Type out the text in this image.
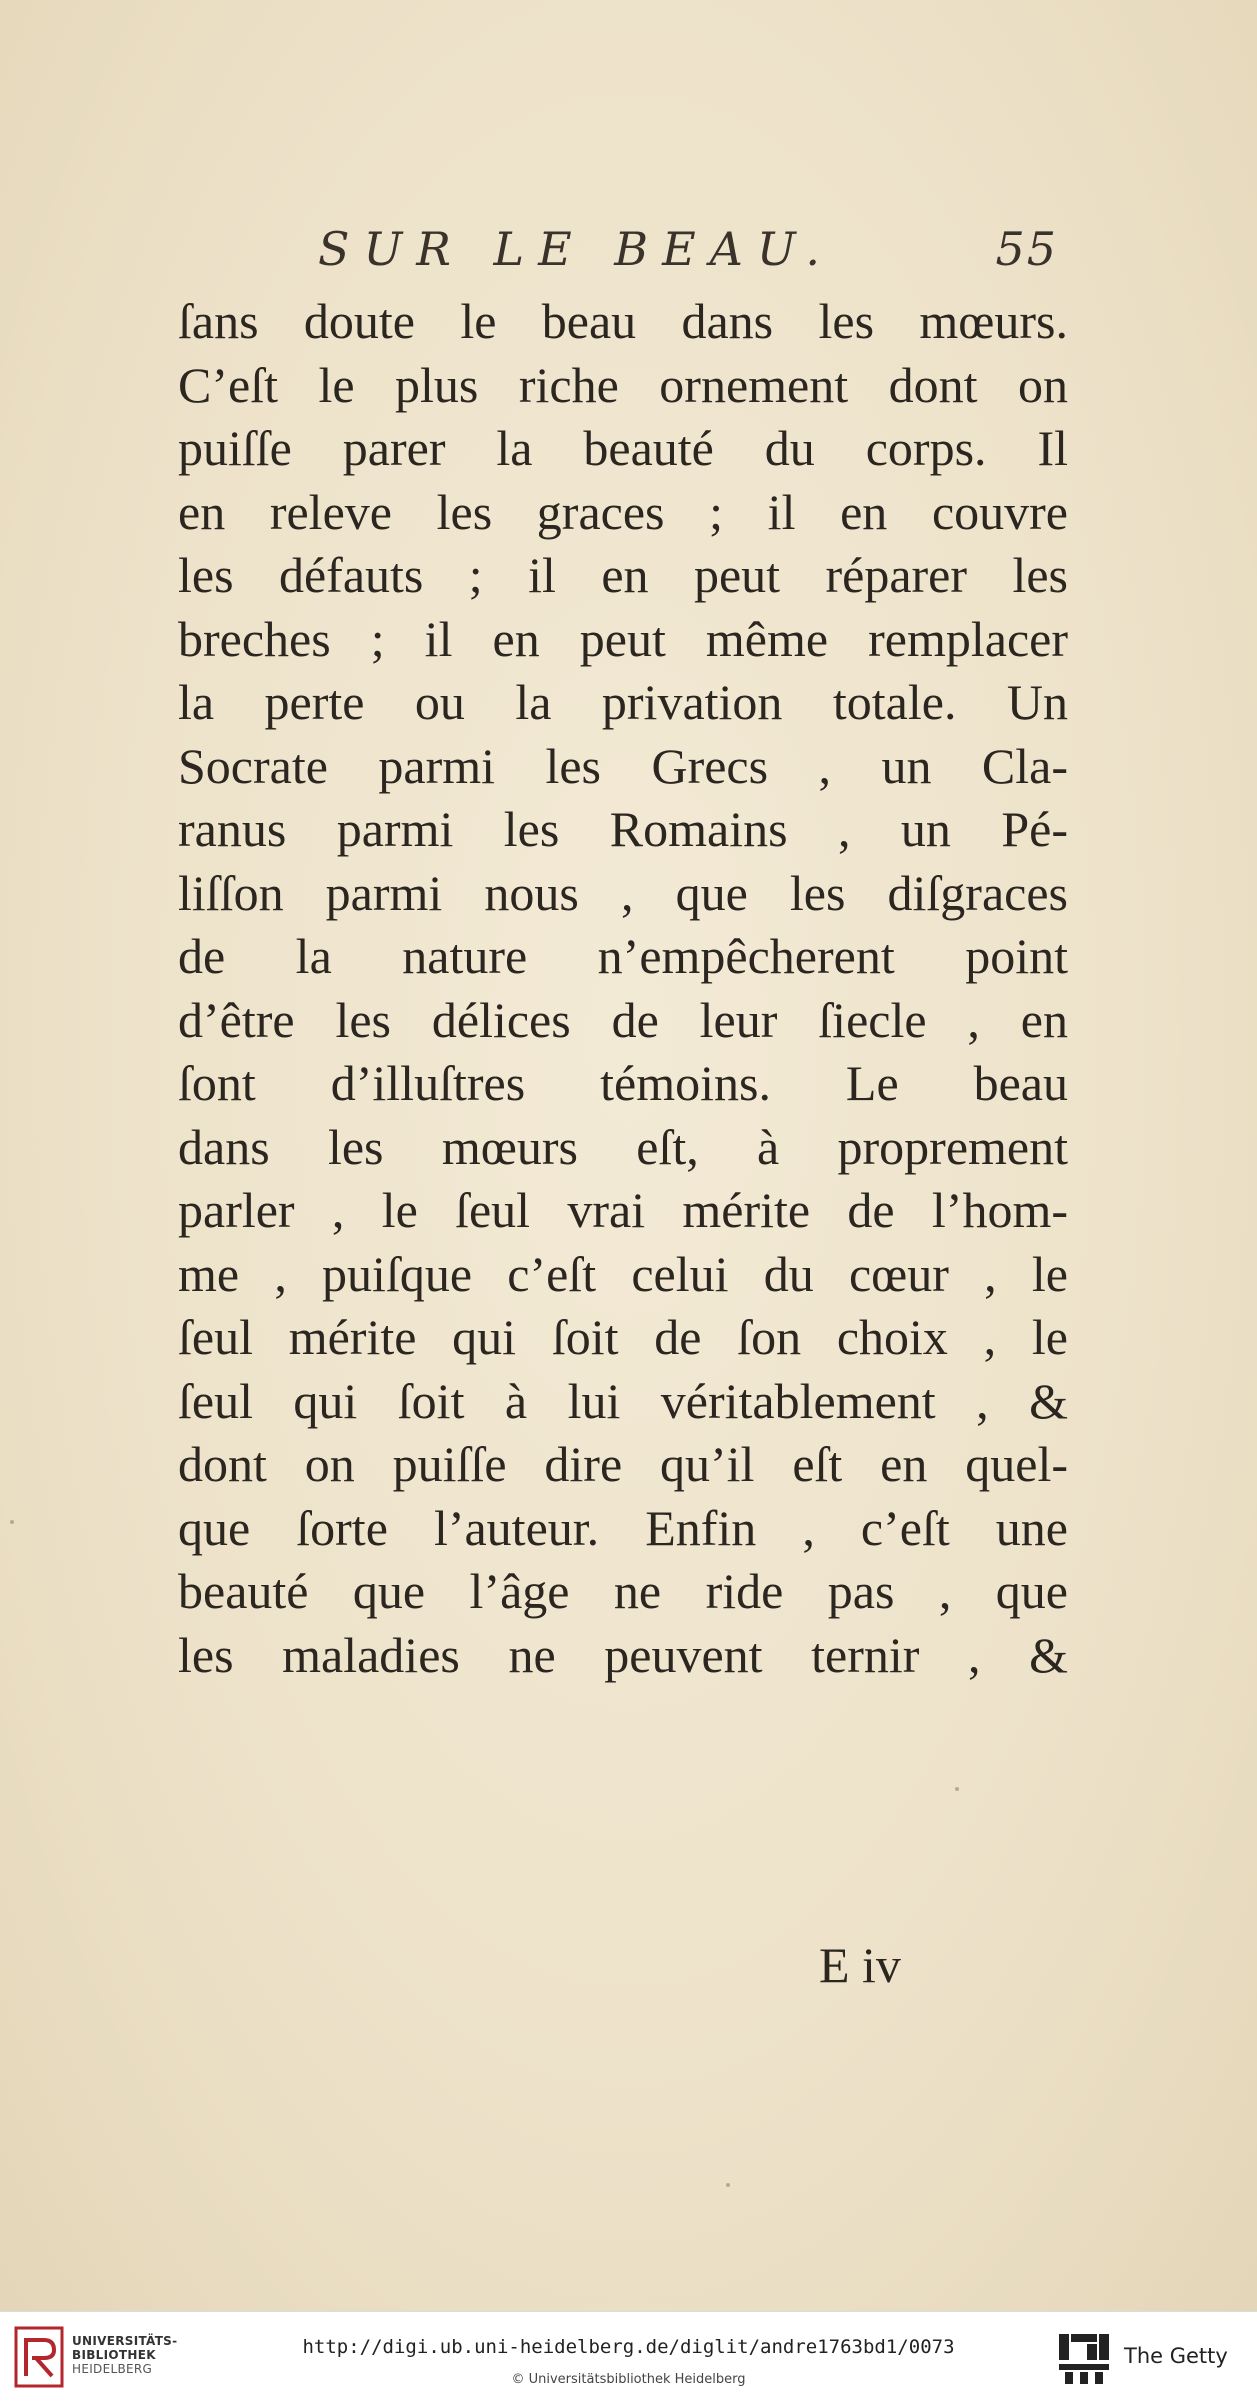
SUR LE BEAU.	55
ſans doute le beau dans les mœurs.
C’eſt le plus riche ornement dont on
puiſſe parer la beauté du corps. Il
en releve les graces ; il en couvre
les défauts ; il en peut réparer les
breches ; il en peut même remplacer
la perte ou la privation totale. Un
Socrate parmi les Grecs , un Cla-
ranus parmi les Romains , un Pé-
liſſon parmi nous , que les diſgraces
de la nature n’empêcherent point
d’être les délices de leur ſiecle , en
ſont d’illuſtres témoins. Le beau
dans les mœurs eſt, à proprement
parler , le ſeul vrai mérite de l’hom-
me , puiſque c’eſt celui du cœur , le
ſeul mérite qui ſoit de ſon choix , le
ſeul qui ſoit à lui véritablement , &
dont on puiſſe dire qu’il eſt en quel-
que ſorte l’auteur. Enfin , c’eſt une
beauté que l’âge ne ride pas , que
les maladies ne peuvent ternir , &
E iv
UNIVERSITÄTS-
BIBLIOTHEK
HEIDELBERG
http://digi.ub.uni-heidelberg.de/diglit/andre1763bd1/0073
© Universitätsbibliothek Heidelberg
The Getty
